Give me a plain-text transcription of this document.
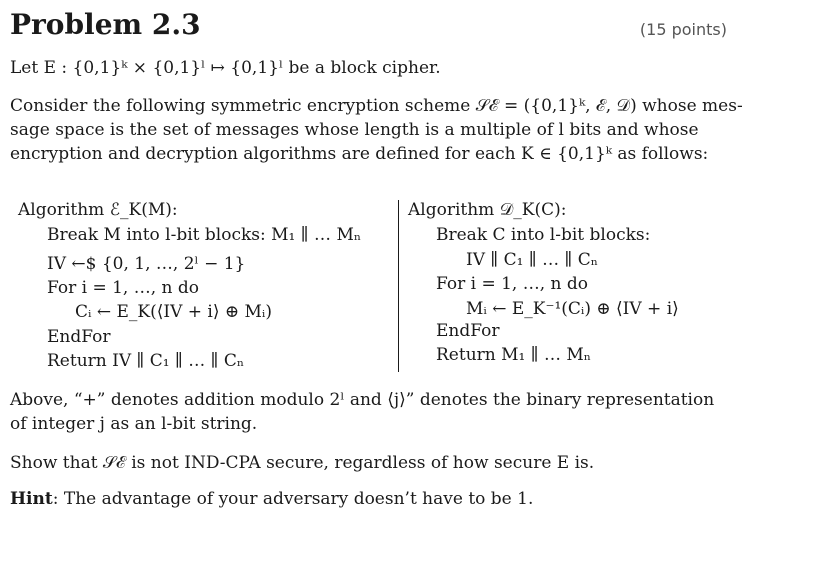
Problem 2.3	(15 points)
Let E : {0,1}ᵏ × {0,1}ˡ ↦ {0,1}ˡ be a block cipher.
Consider the following symmetric encryption scheme 𝒮ℰ = ({0,1}ᵏ, ℰ, 𝒟) whose mes-
sage space is the set of messages whose length is a multiple of l bits and whose
encryption and decryption algorithms are defined for each K ∈ {0,1}ᵏ as follows:
Algorithm ℰ_K(M):
Break M into l-bit blocks: M₁ ∥ … Mₙ
IV ←$ {0, 1, …, 2ˡ − 1}
For i = 1, …, n do
Cᵢ ← E_K(⟨IV + i⟩ ⊕ Mᵢ)
EndFor
Return IV ∥ C₁ ∥ … ∥ Cₙ
Algorithm 𝒟_K(C):
Break C into l-bit blocks:
IV ∥ C₁ ∥ … ∥ Cₙ
For i = 1, …, n do
Mᵢ ← E_K⁻¹(Cᵢ) ⊕ ⟨IV + i⟩
EndFor
Return M₁ ∥ … Mₙ
Above, “+” denotes addition modulo 2ˡ and ⟨j⟩” denotes the binary representation
of integer j as an l-bit string.
Show that 𝒮ℰ is not IND-CPA secure, regardless of how secure E is.
Hint: The advantage of your adversary doesn’t have to be 1.
